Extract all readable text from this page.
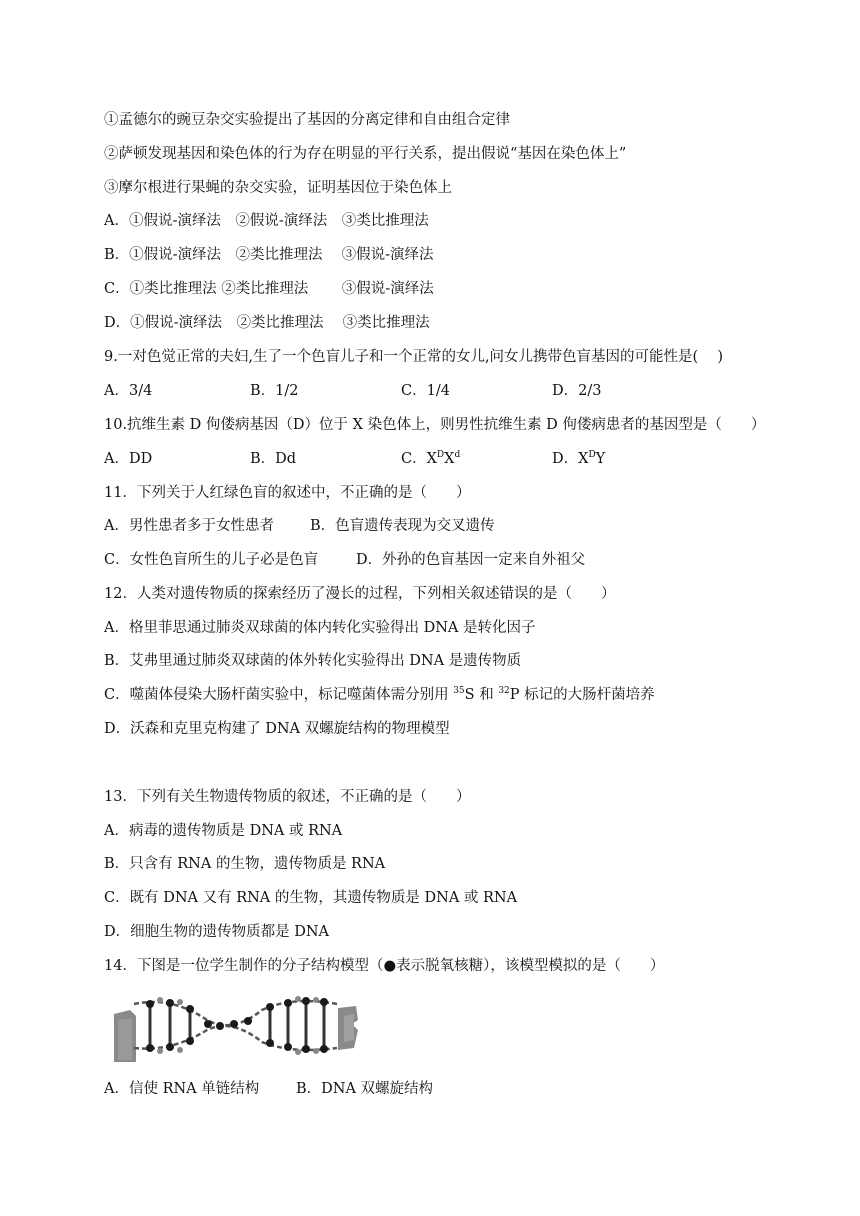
①孟德尔的豌豆杂交实验提出了基因的分离定律和自由组合定律
②萨顿发现基因和染色体的行为存在明显的平行关系，提出假说“基因在染色体上”
③摩尔根进行果蝇的杂交实验，证明基因位于染色体上
A．①假说-演绎法　②假说-演绎法　③类比推理法
B．①假说-演绎法　②类比推理法　 ③假说-演绎法
C．①类比推理法 ②类比推理法　　 ③假说-演绎法
D．①假说-演绎法　②类比推理法　 ③类比推理法
9.一对色觉正常的夫妇,生了一个色盲儿子和一个正常的女儿,问女儿携带色盲基因的可能性是(　 )
A．3/4	B．1/2	C．1/4	D．2/3
10.抗维生素 D 佝偻病基因（D）位于 X 染色体上，则男性抗维生素 D 佝偻病患者的基因型是（　　）
A．DD	B．Dd	C．$X^DX^d$	D．$X^DY$
11．下列关于人红绿色盲的叙述中，不正确的是（　　）
A．男性患者多于女性患者 B．色盲遗传表现为交叉遗传
C．女性色盲所生的儿子必是色盲	D．外孙的色盲基因一定来自外祖父
12．人类对遗传物质的探索经历了漫长的过程，下列相关叙述错误的是（　　）
A．格里菲思通过肺炎双球菌的体内转化实验得出 DNA 是转化因子
B．艾弗里通过肺炎双球菌的体外转化实验得出 DNA 是遗传物质
C．噬菌体侵染大肠杆菌实验中，标记噬菌体需分别用 $^{35}$S 和 $^{32}$P 标记的大肠杆菌培养
D．沃森和克里克构建了 DNA 双螺旋结构的物理模型
13．下列有关生物遗传物质的叙述，不正确的是（　　）
A．病毒的遗传物质是 DNA 或 RNA
B．只含有 RNA 的生物，遗传物质是 RNA
C．既有 DNA 又有 RNA 的生物，其遗传物质是 DNA 或 RNA
D．细胞生物的遗传物质都是 DNA
14．下图是一位学生制作的分子结构模型（●表示脱氧核糖），该模型模拟的是（　　）
A．信使 RNA 单链结构	B．DNA 双螺旋结构
